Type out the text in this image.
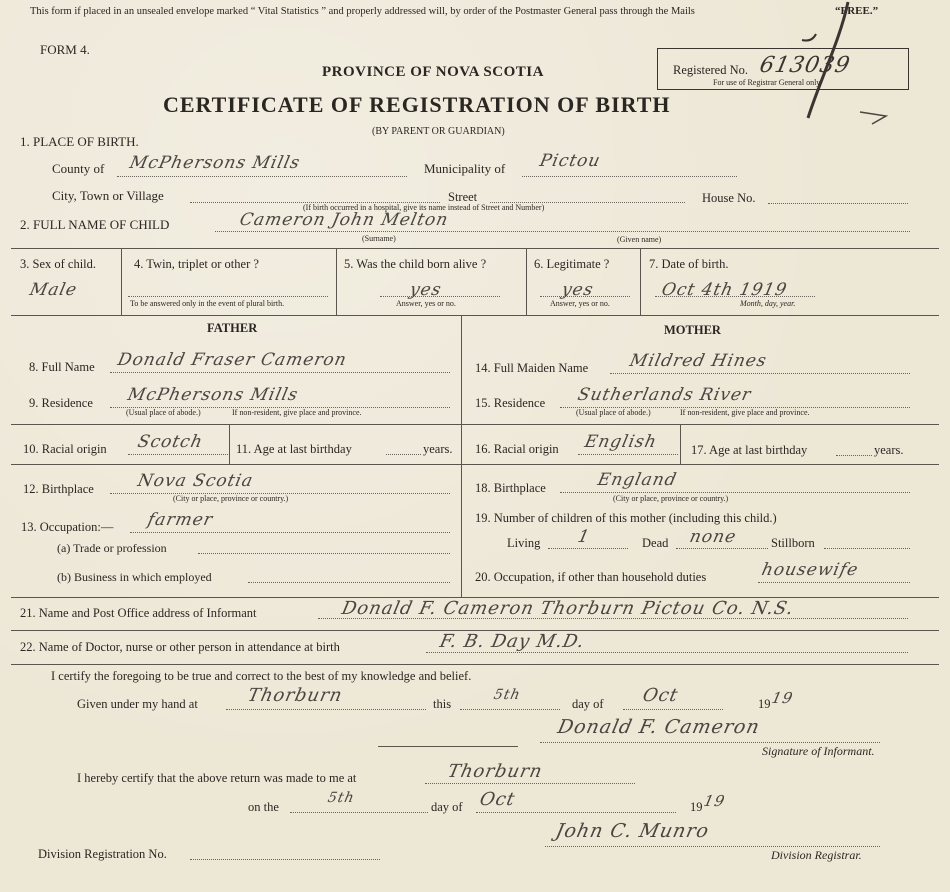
This form if placed in an unsealed envelope marked “ Vital Statistics ” and properly addressed will, by order of the Postmaster General pass through the Mails	“FREE.”
FORM 4.
PROVINCE OF NOVA SCOTIA
CERTIFICATE OF REGISTRATION OF BIRTH
(BY PARENT OR GUARDIAN)
Registered No. 613039
For use of Registrar General only.
1. PLACE OF BIRTH.
County of McPhersons Mills	Municipality of Pictou
City, Town or Village	Street
(If birth occurred in a hospital, give its name instead of Street and Number)
House No.
2. FULL NAME OF CHILD	Cameron John Melton
(Surname)	(Given name)
3. Sex of child.
Male
4. Twin, triplet or other ?
To be answered only in the event of plural birth.
5. Was the child born alive ?
yes
Answer, yes or no.
6. Legitimate ?
yes
Answer, yes or no.
7. Date of birth.
Oct 4th 1919
Month, day, year.
FATHER	MOTHER
8. Full Name Donald Fraser Cameron
9. Residence McPhersons Mills
(Usual place of abode.)	If non-resident, give place and province.
10. Racial origin Scotch 11. Age at last birthday	years.
12. Birthplace Nova Scotia
(City or place, province or country.)
13. Occupation:— farmer
(a) Trade or profession
(b) Business in which employed
14. Full Maiden Name Mildred Hines
15. Residence Sutherlands River
(Usual place of abode.)	If non-resident, give place and province.
16. Racial origin English	17. Age at last birthday	years.
18. Birthplace	England
(City or place, province or country.)
19. Number of children of this mother (including this child.)
Living 1	Dead none	Stillborn
20. Occupation, if other than household duties	housewife
21. Name and Post Office address of Informant	Donald F. Cameron Thorburn Pictou Co. N.S.
22. Name of Doctor, nurse or other person in attendance at birth	F. B. Day M.D.
I certify the foregoing to be true and correct to the best of my knowledge and belief.
Given under my hand at	Thorburn	this
5th
day of Oct	19 19
Donald F. Cameron
Signature of Informant.
I hereby certify that the above return was made to me at	Thorburn
on the
5th
day of Oct	19 19
Division Registration No.
John C. Munro
Division Registrar.
